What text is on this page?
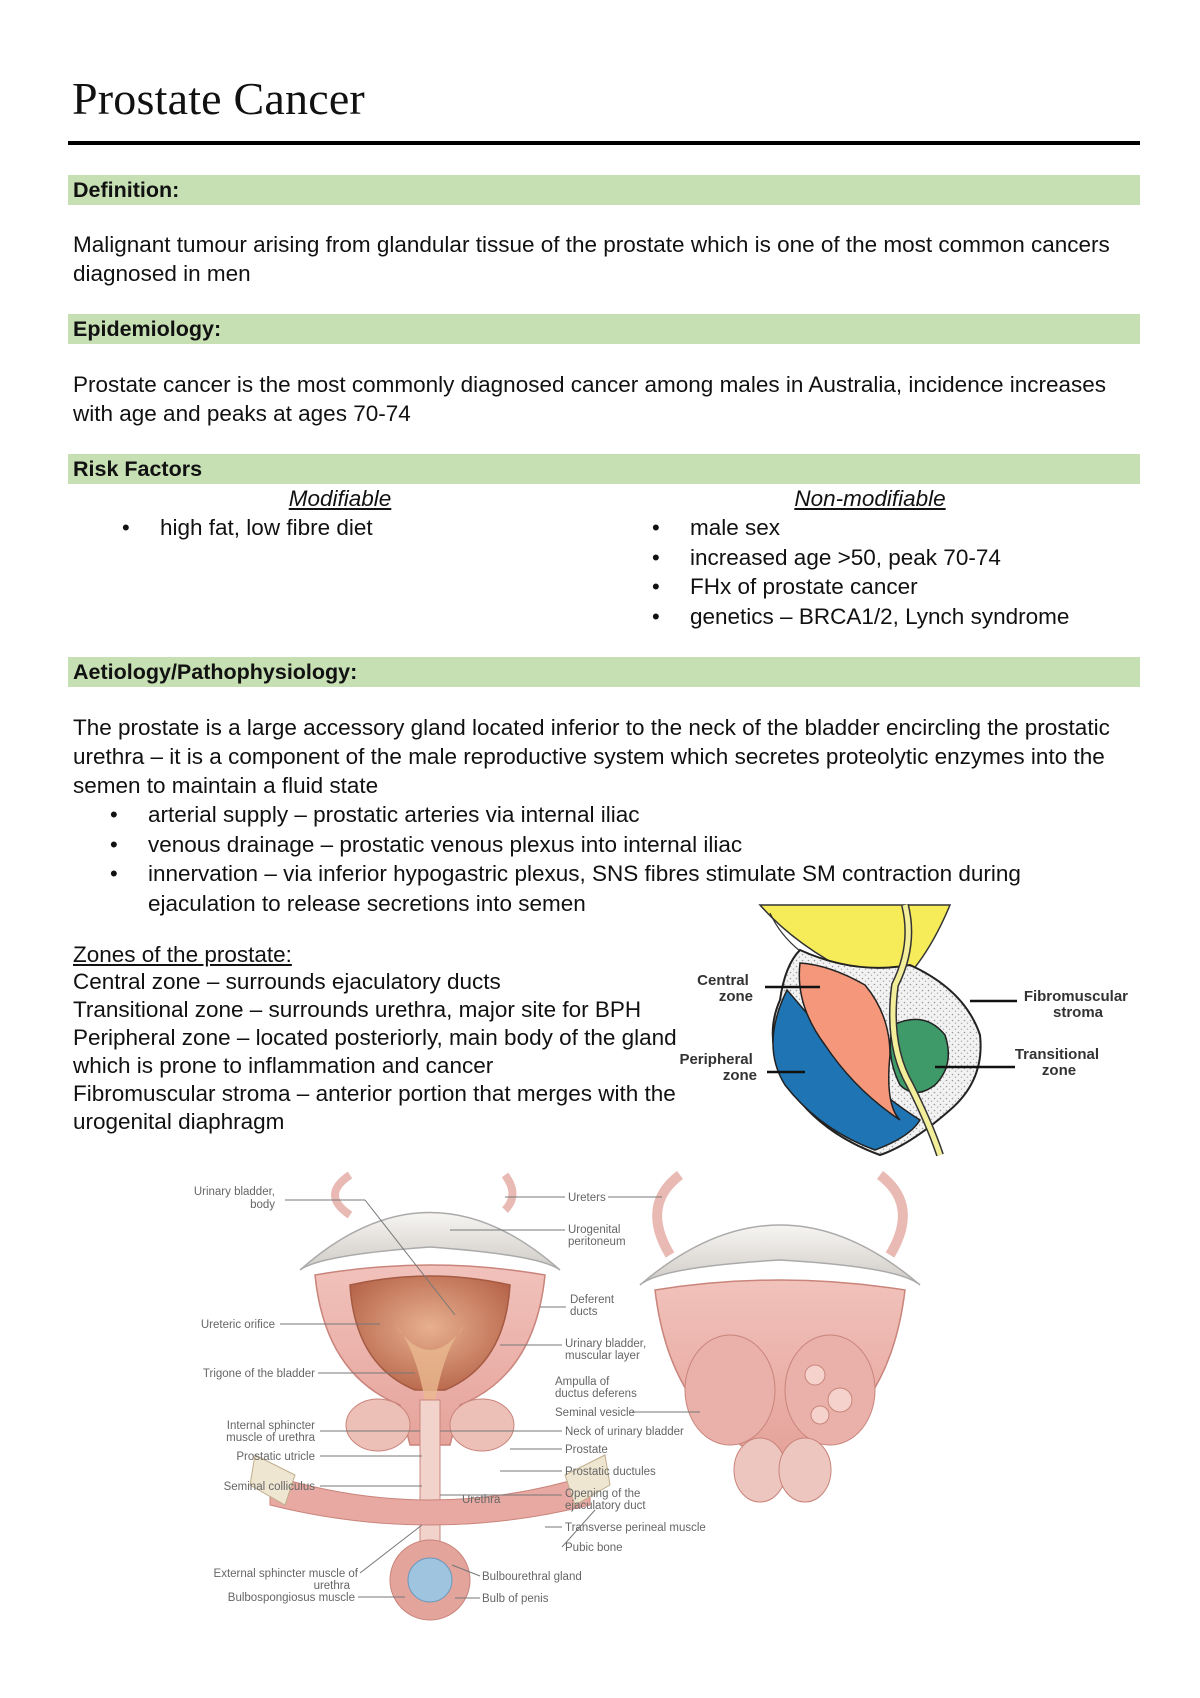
Prostate Cancer
Definition:

Malignant tumour arising from glandular tissue of the prostate which is one of the most common cancers diagnosed in men

Epidemiology:

Prostate cancer is the most commonly diagnosed cancer among males in Australia, incidence increases with age and peaks at ages 70-74

Risk Factors
Modifiable	Non-modifiable
• high fat, low fibre diet
•	male sex
• increased age >50, peak 70-74
• FHx of prostate cancer
• genetics – BRCA1/2, Lynch syndrome
Aetiology/Pathophysiology:

The prostate is a large accessory gland located inferior to the neck of the bladder encircling the prostatic urethra – it is a component of the male reproductive system which secretes proteolytic enzymes into the semen to maintain a fluid state

• arterial supply – prostatic arteries via internal iliac
• venous drainage – prostatic venous plexus into internal iliac
• innervation – via inferior hypogastric plexus, SNS fibres stimulate SM contraction during ejaculation to release secretions into semen
Zones of the prostate:
Central zone – surrounds ejaculatory ducts
Transitional zone – surrounds urethra, major site for BPH
Peripheral zone – located posteriorly, main body of the gland which is prone to inflammation and cancer
Fibromuscular stroma – anterior portion that merges with the urogenital diaphragm
Central zone
Peripheral zone
Fibromuscular stroma
Transitional zone
Urinary bladder,
body
Ureteric orifice
Trigone of the bladder
Internal sphincter
muscle of urethra
Prostatic utricle
Seminal colliculus
External sphincter muscle of
urethra
Bulbospongiosus muscle
Urethra
Ureters
Urogenital
peritoneum
Deferent
ducts
Urinary bladder,
muscular layer
Ampulla of
ductus deferens
Seminal vesicle
Neck of urinary bladder
Prostate
Prostatic ductules
Opening of the
ejaculatory duct
Transverse perineal muscle
Pubic bone
Bulbourethral gland
Bulb of penis
